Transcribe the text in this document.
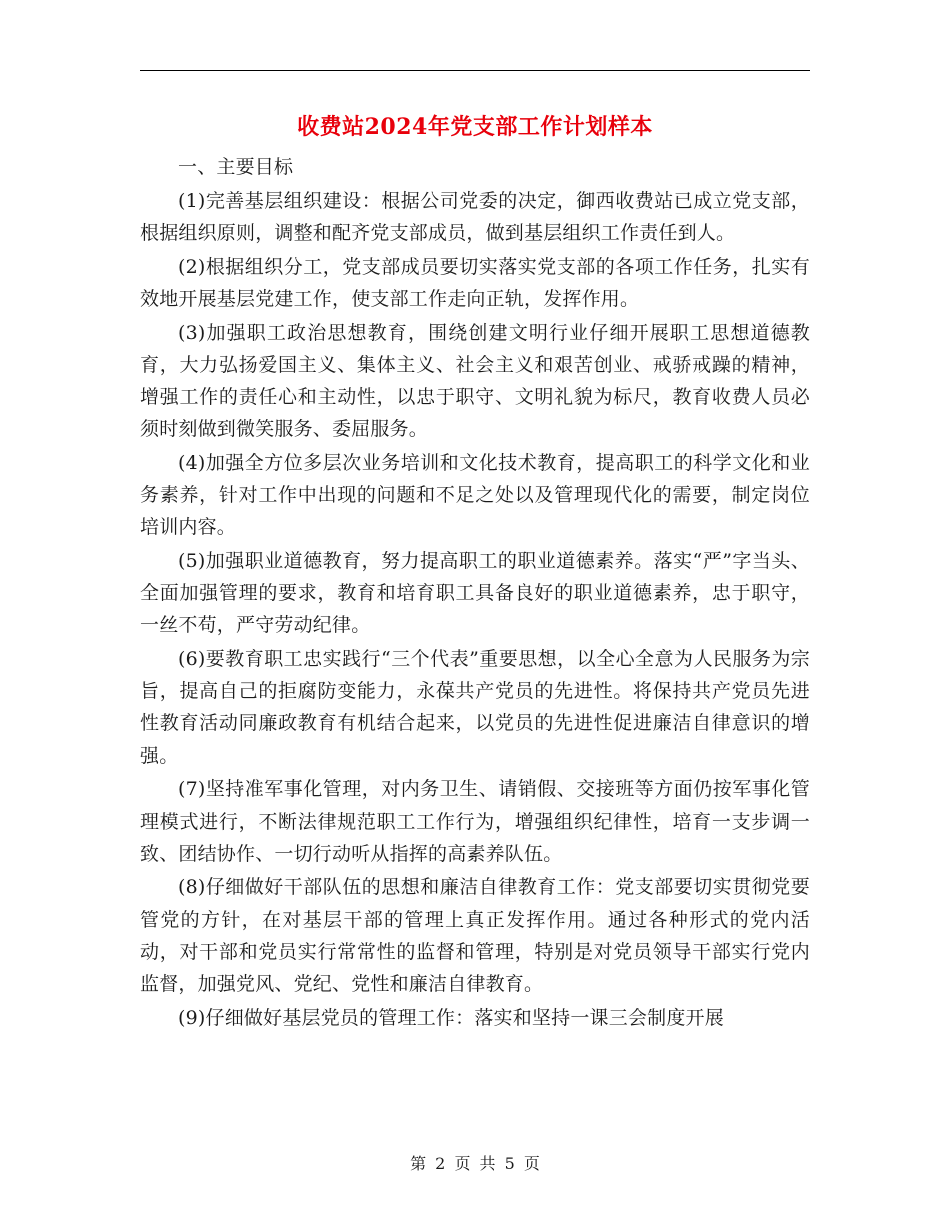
收费站2024年党支部工作计划样本

一、主要目标

(1)完善基层组织建设：根据公司党委的决定，御西收费站已成立党支部，根据组织原则，调整和配齐党支部成员，做到基层组织工作责任到人。

(2)根据组织分工，党支部成员要切实落实党支部的各项工作任务，扎实有效地开展基层党建工作，使支部工作走向正轨，发挥作用。

(3)加强职工政治思想教育，围绕创建文明行业仔细开展职工思想道德教育，大力弘扬爱国主义、集体主义、社会主义和艰苦创业、戒骄戒躁的精神，增强工作的责任心和主动性，以忠于职守、文明礼貌为标尺，教育收费人员必须时刻做到微笑服务、委屈服务。

(4)加强全方位多层次业务培训和文化技术教育，提高职工的科学文化和业务素养，针对工作中出现的问题和不足之处以及管理现代化的需要，制定岗位培训内容。

(5)加强职业道德教育，努力提高职工的职业道德素养。落实“严”字当头、全面加强管理的要求，教育和培育职工具备良好的职业道德素养，忠于职守，一丝不苟，严守劳动纪律。

(6)要教育职工忠实践行“三个代表”重要思想，以全心全意为人民服务为宗旨，提高自己的拒腐防变能力，永葆共产党员的先进性。将保持共产党员先进性教育活动同廉政教育有机结合起来，以党员的先进性促进廉洁自律意识的增强。

(7)坚持准军事化管理，对内务卫生、请销假、交接班等方面仍按军事化管理模式进行，不断法律规范职工工作行为，增强组织纪律性，培育一支步调一致、团结协作、一切行动听从指挥的高素养队伍。

(8)仔细做好干部队伍的思想和廉洁自律教育工作：党支部要切实贯彻党要管党的方针，在对基层干部的管理上真正发挥作用。通过各种形式的党内活动，对干部和党员实行常常性的监督和管理，特别是对党员领导干部实行党内监督，加强党风、党纪、党性和廉洁自律教育。

(9)仔细做好基层党员的管理工作：落实和坚持一课三会制度开展

第 2 页 共 5 页
